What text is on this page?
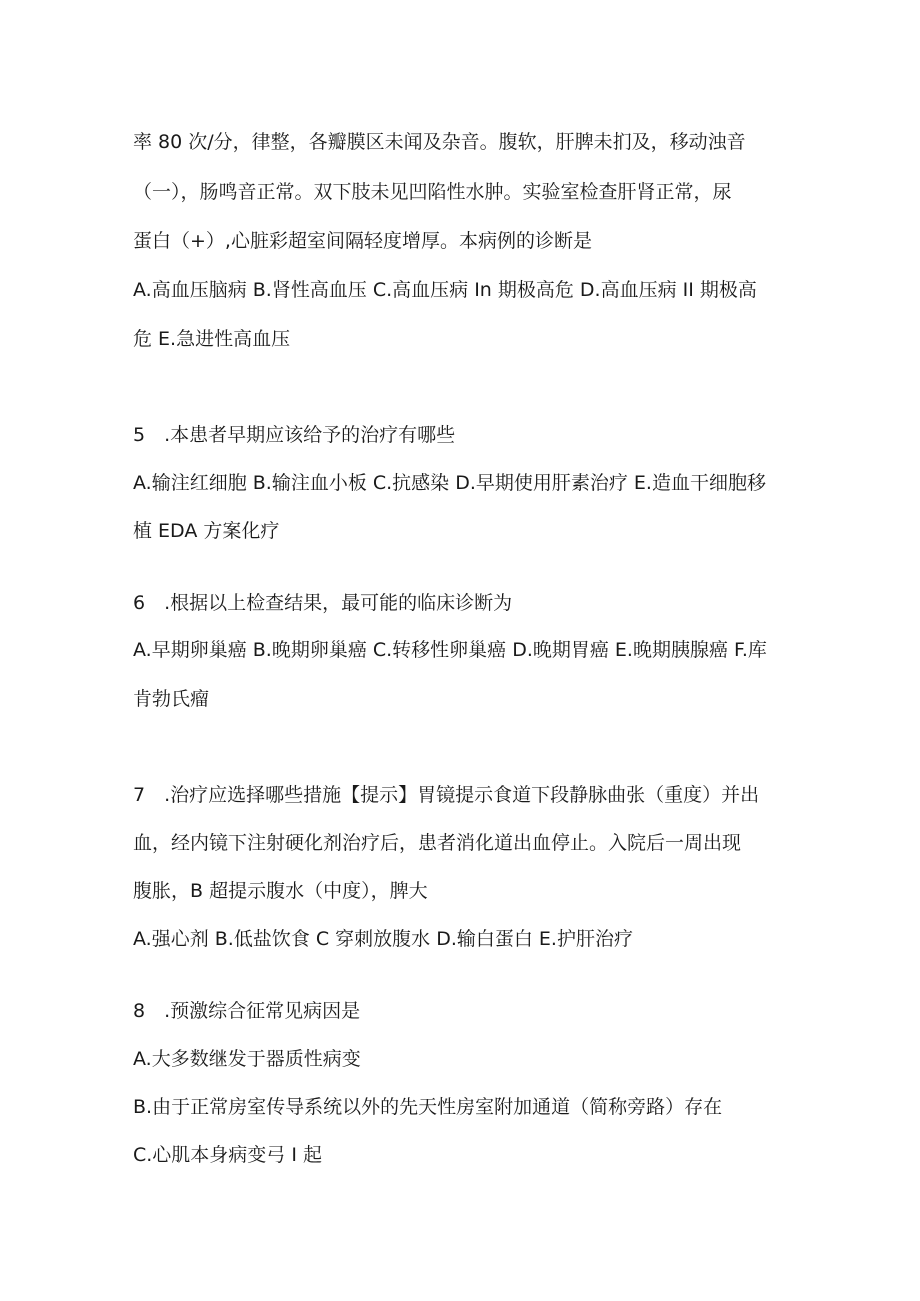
率 80 次/分，律整，各瓣膜区未闻及杂音。腹软，肝脾未扪及，移动浊音
（一），肠鸣音正常。双下肢未见凹陷性水肿。实验室检查肝肾正常，尿
蛋白（+）,心脏彩超室间隔轻度增厚。本病例的诊断是
A.高血压脑病 B.肾性高血压 C.高血压病 In 期极高危 D.高血压病 II 期极高
危 E.急进性高血压
5　.本患者早期应该给予的治疗有哪些
A.输注红细胞 B.输注血小板 C.抗感染 D.早期使用肝素治疗 E.造血干细胞移
植 EDA 方案化疗
6　.根据以上检查结果，最可能的临床诊断为
A.早期卵巢癌 B.晚期卵巢癌 C.转移性卵巢癌 D.晚期胃癌 E.晚期胰腺癌 F.库
肯勃氏瘤
7　.治疗应选择哪些措施【提示】胃镜提示食道下段静脉曲张（重度）并出
血，经内镜下注射硬化剂治疗后，患者消化道出血停止。入院后一周出现
腹胀，B 超提示腹水（中度），脾大
A.强心剂 B.低盐饮食 C 穿刺放腹水 D.输白蛋白 E.护肝治疗
8　.预激综合征常见病因是
A.大多数继发于器质性病变
B.由于正常房室传导系统以外的先天性房室附加通道（简称旁路）存在
C.心肌本身病变弓 I 起
